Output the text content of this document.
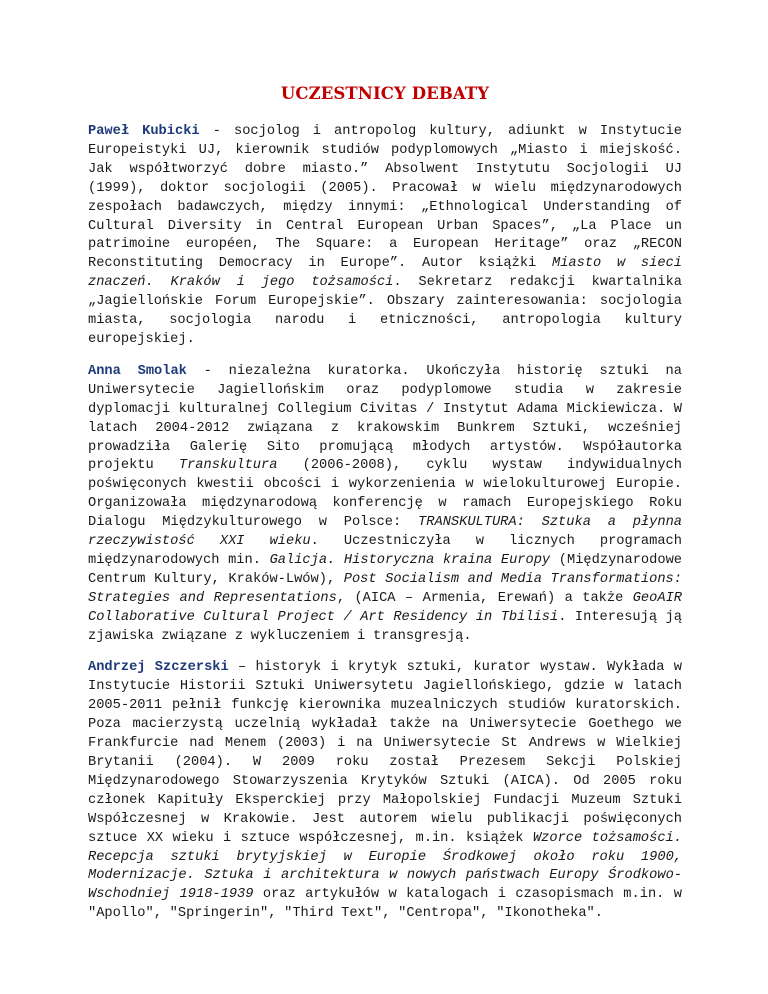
UCZESTNICY DEBATY

Paweł Kubicki - socjolog i antropolog kultury, adiunkt w Instytucie Europeistyki UJ, kierownik studiów podyplomowych „Miasto i miejskość. Jak współtworzyć dobre miasto.” Absolwent Instytutu Socjologii UJ (1999), doktor socjologii (2005). Pracował w wielu międzynarodowych zespołach badawczych, między innymi: „Ethnological Understanding of Cultural Diversity in Central European Urban Spaces”, „La Place un patrimoine européen, The Square: a European Heritage” oraz „RECON Reconstituting Democracy in Europe”. Autor książki Miasto w sieci znaczeń. Kraków i jego tożsamości. Sekretarz redakcji kwartalnika „Jagiellońskie Forum Europejskie”. Obszary zainteresowania: socjologia miasta, socjologia narodu i etniczności, antropologia kultury europejskiej.

Anna Smolak - niezależna kuratorka. Ukończyła historię sztuki na Uniwersytecie Jagiellońskim oraz podyplomowe studia w zakresie dyplomacji kulturalnej Collegium Civitas / Instytut Adama Mickiewicza. W latach 2004-2012 związana z krakowskim Bunkrem Sztuki, wcześniej prowadziła Galerię Sito promującą młodych artystów. Współautorka projektu Transkultura (2006-2008), cyklu wystaw indywidualnych poświęconych kwestii obcości i wykorzenienia w wielokulturowej Europie. Organizowała międzynarodową konferencję w ramach Europejskiego Roku Dialogu Międzykulturowego w Polsce: TRANSKULTURA: Sztuka a płynna rzeczywistość XXI wieku. Uczestniczyła w licznych programach międzynarodowych min. Galicja. Historyczna kraina Europy (Międzynarodowe Centrum Kultury, Kraków-Lwów), Post Socialism and Media Transformations: Strategies and Representations, (AICA – Armenia, Erewań) a także GeoAIR Collaborative Cultural Project / Art Residency in Tbilisi. Interesują ją zjawiska związane z wykluczeniem i transgresją.

Andrzej Szczerski – historyk i krytyk sztuki, kurator wystaw. Wykłada w Instytucie Historii Sztuki Uniwersytetu Jagiellońskiego, gdzie w latach 2005-2011 pełnił funkcję kierownika muzealniczych studiów kuratorskich. Poza macierzystą uczelnią wykładał także na Uniwersytecie Goethego we Frankfurcie nad Menem (2003) i na Uniwersytecie St Andrews w Wielkiej Brytanii (2004). W 2009 roku został Prezesem Sekcji Polskiej Międzynarodowego Stowarzyszenia Krytyków Sztuki (AICA). Od 2005 roku członek Kapituły Eksperckiej przy Małopolskiej Fundacji Muzeum Sztuki Współczesnej w Krakowie. Jest autorem wielu publikacji poświęconych sztuce XX wieku i sztuce współczesnej, m.in. książek Wzorce tożsamości. Recepcja sztuki brytyjskiej w Europie Środkowej około roku 1900, Modernizacje. Sztuka i architektura w nowych państwach Europy Środkowo-Wschodniej 1918-1939 oraz artykułów w katalogach i czasopismach m.in. w "Apollo", "Springerin", "Third Text", "Centropa", "Ikonotheka".
